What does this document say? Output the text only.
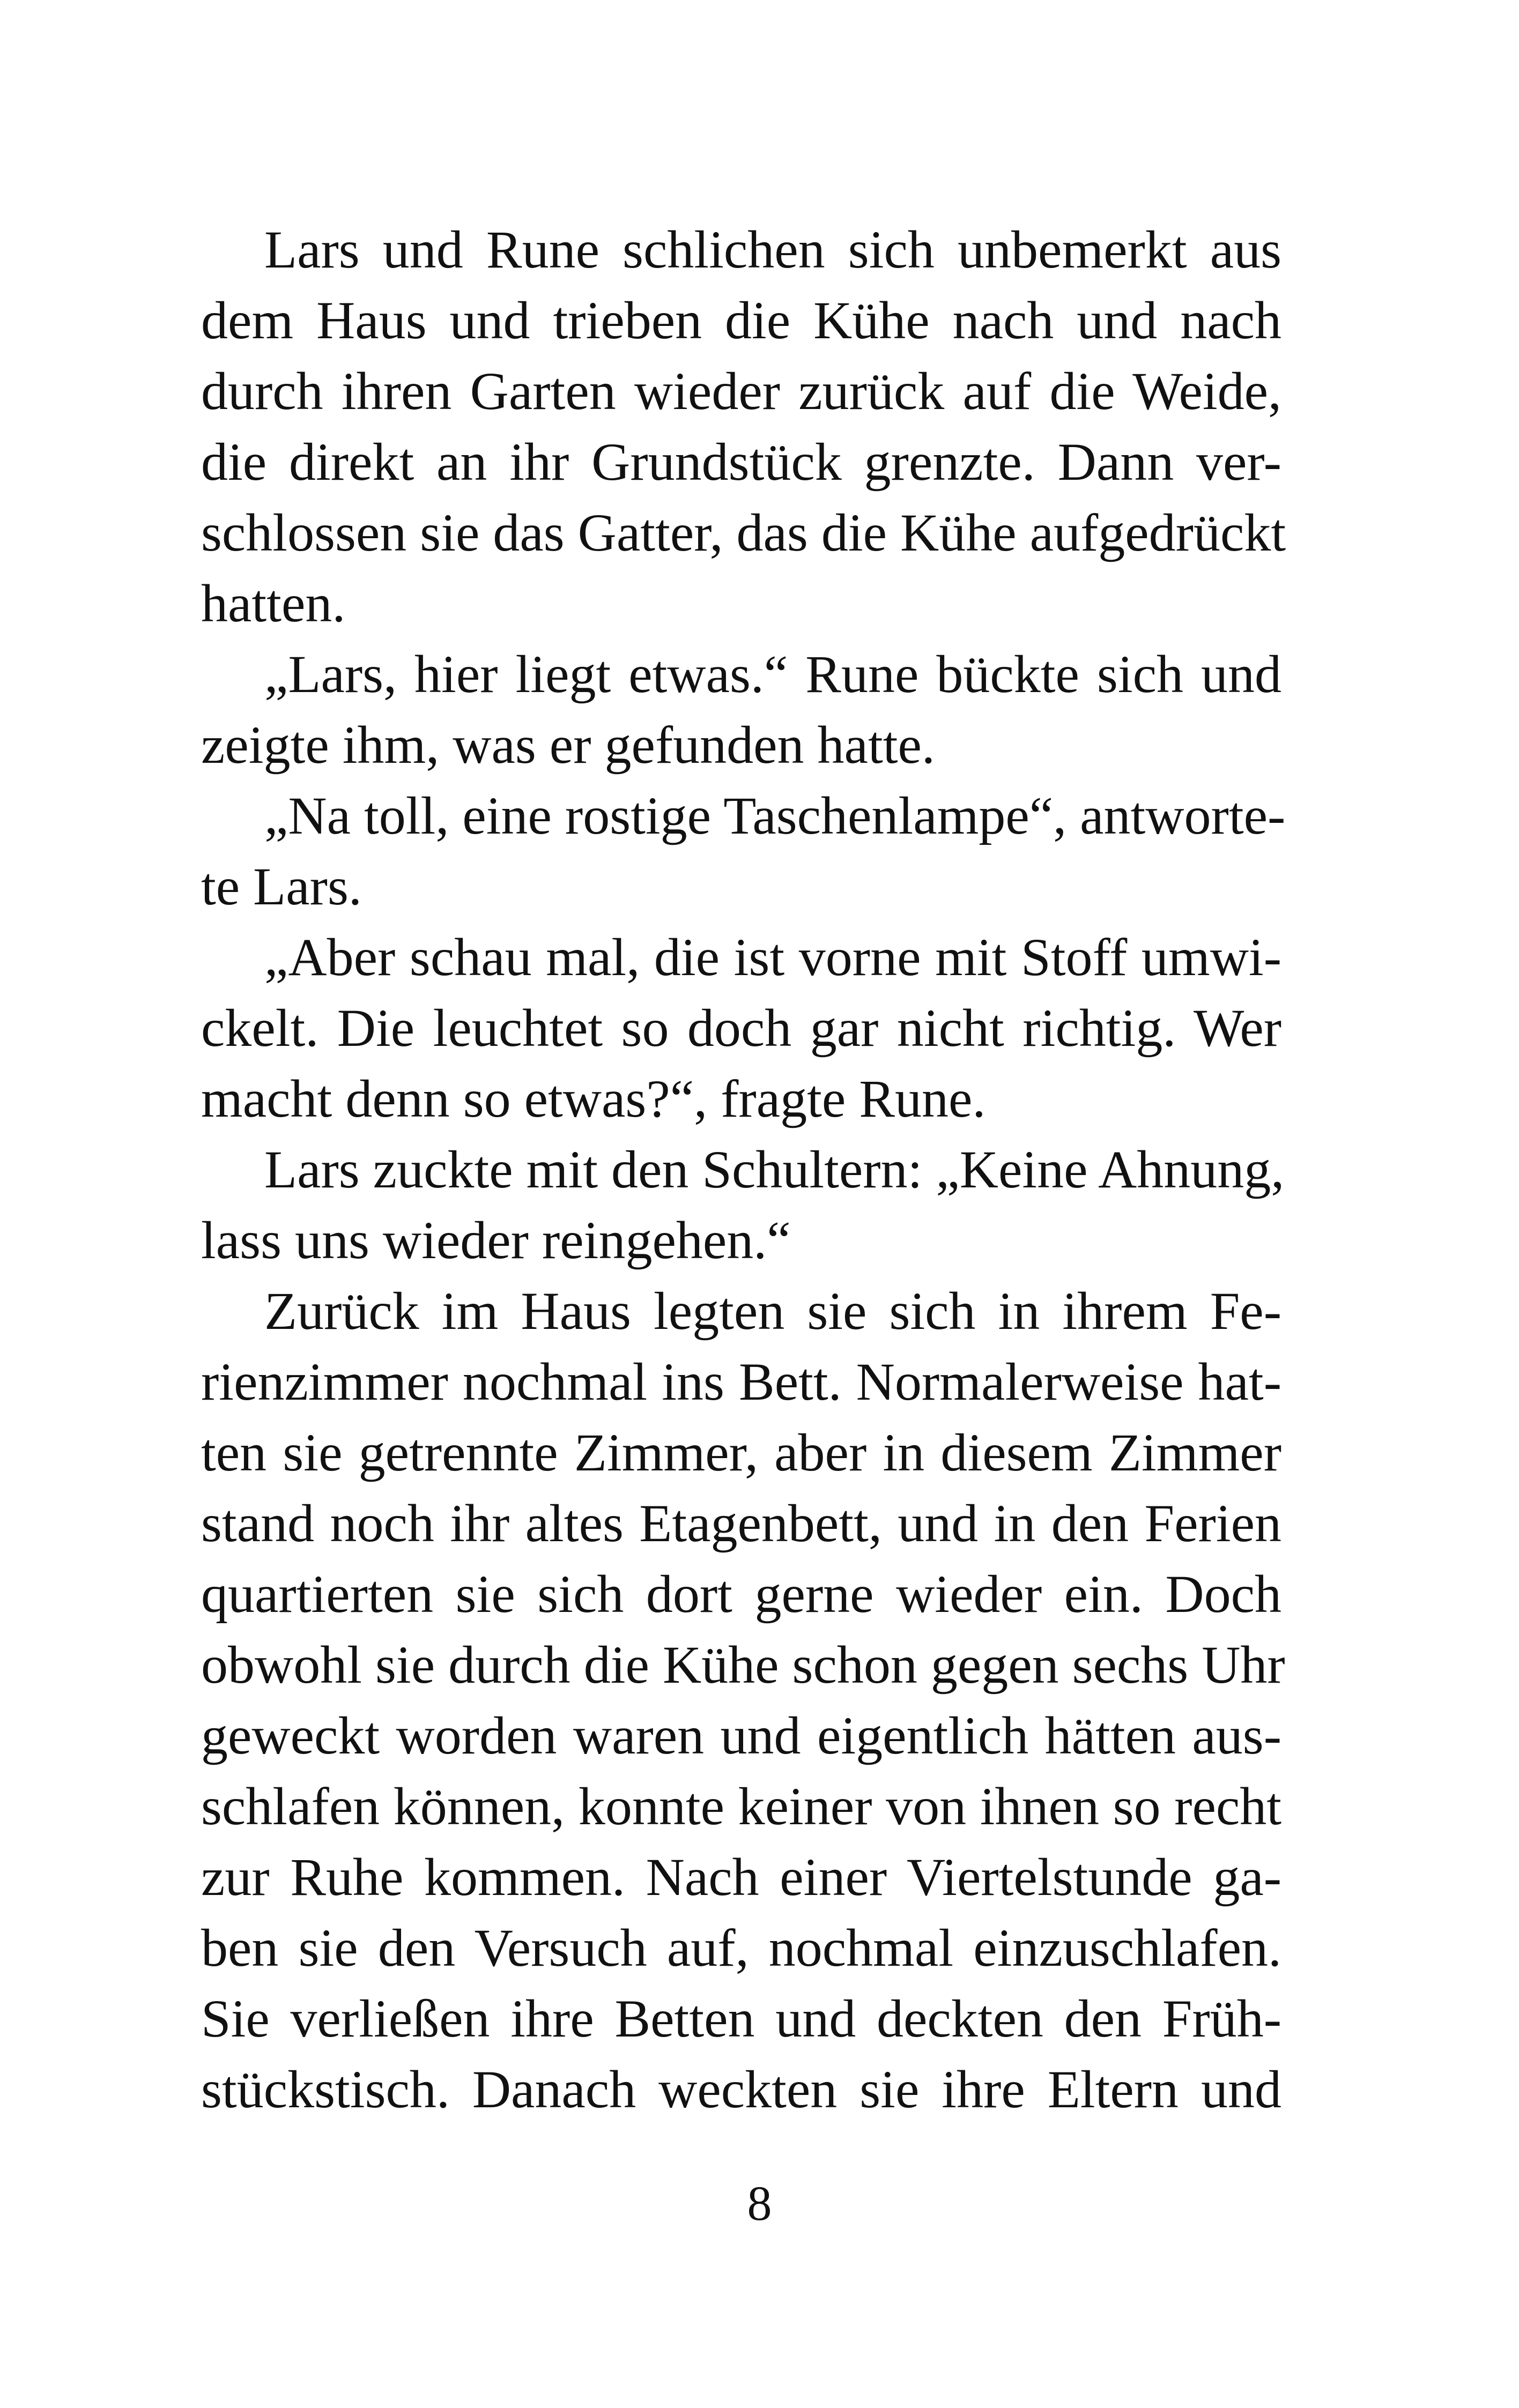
Lars und Rune schlichen sich unbemerkt aus
dem Haus und trieben die Kühe nach und nach
durch ihren Garten wieder zurück auf die Weide,
die direkt an ihr Grundstück grenzte. Dann ver-
schlossen sie das Gatter, das die Kühe aufgedrückt
hatten.
„Lars, hier liegt etwas.“ Rune bückte sich und
zeigte ihm, was er gefunden hatte.
„Na toll, eine rostige Taschenlampe“, antworte-
te Lars.
„Aber schau mal, die ist vorne mit Stoff umwi-
ckelt. Die leuchtet so doch gar nicht richtig. Wer
macht denn so etwas?“, fragte Rune.
Lars zuckte mit den Schultern: „Keine Ahnung,
lass uns wieder reingehen.“
Zurück im Haus legten sie sich in ihrem Fe-
rienzimmer nochmal ins Bett. Normalerweise hat-
ten sie getrennte Zimmer, aber in diesem Zimmer
stand noch ihr altes Etagenbett, und in den Ferien
quartierten sie sich dort gerne wieder ein. Doch
obwohl sie durch die Kühe schon gegen sechs Uhr
geweckt worden waren und eigentlich hätten aus-
schlafen können, konnte keiner von ihnen so recht
zur Ruhe kommen. Nach einer Viertelstunde ga-
ben sie den Versuch auf, nochmal einzuschlafen.
Sie verließen ihre Betten und deckten den Früh-
stückstisch. Danach weckten sie ihre Eltern und
8
